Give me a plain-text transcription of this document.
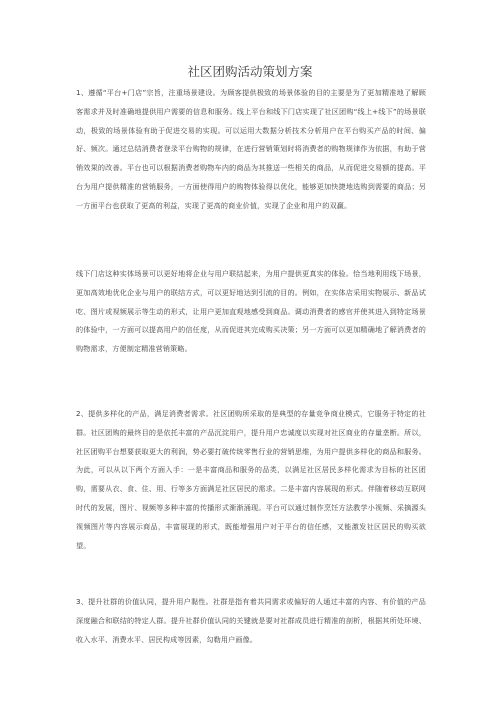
社区团购活动策划方案

1、遵循“平台+门店”宗旨，注重场景建设。为顾客提供极致的场景体验的目的主要是为了更加精准地了解顾客需求并及时准确地提供用户需要的信息和服务。线上平台和线下门店实现了社区团购“线上+线下”的场景联动，极致的场景体验有助于促进交易的实现。可以运用大数据分析技术分析用户在平台购买产品的时间、偏好、频次。通过总结消费者登录平台购物的规律，在进行营销策划时将消费者的购物规律作为依据，有助于营销效果的改善。平台也可以根据消费者购物车内的商品为其推送一些相关的商品，从而促进交易额的提高。平台为用户提供精准的营销服务，一方面使得用户的购物体验得以优化，能够更加快捷地选购到需要的商品；另一方面平台也获取了更高的利益，实现了更高的商业价值，实现了企业和用户的双赢。

线下门店这种实体场景可以更好地将企业与用户联结起来，为用户提供更真实的体验。恰当地利用线下场景，更加高效地优化企业与用户的联结方式，可以更好地达到引流的目的。例如，在实体店采用实物展示、新品试吃、图片或视频展示等生动的形式，让用户更加直观地感受到商品。调动消费者的感官并使其进入到特定场景的体验中，一方面可以提高用户的信任度，从而促进其完成购买决策；另一方面可以更加精确地了解消费者的购物需求，方便制定精准营销策略。

2、提供多样化的产品，满足消费者需求。社区团购所采取的是典型的存量竞争商业模式，它服务于特定的社群。社区团购的最终目的是依托丰富的产品沉淀用户，提升用户忠诚度以实现对社区商业的存量垄断。所以，社区团购平台想要获取更大的利润，势必要打破传统零售行业的营销思维，为用户提供多样化的商品和服务。为此，可以从以下两个方面入手：一是丰富商品和服务的品类，以满足社区居民多样化需求为目标的社区团购，需要从衣、食、住、用、行等多方面满足社区居民的需求。二是丰富内容展现的形式。伴随着移动互联网时代的发展，图片、视频等多种丰富的传播形式渐渐涌现。平台可以通过制作烹饪方法教学小视频、采摘源头视频图片等内容展示商品，丰富展现的形式，既能增强用户对于平台的信任感，又能激发社区居民的购买欲望。

3、提升社群的价值认同，提升用户黏性。社群是指有着共同需求或偏好的人通过丰富的内容、有价值的产品深度融合和联结的特定人群。提升社群价值认同的关键就是要对社群成员进行精准的剖析，根据其所处环境、收入水平、消费水平、居民构成等因素，勾勒用户画像。
